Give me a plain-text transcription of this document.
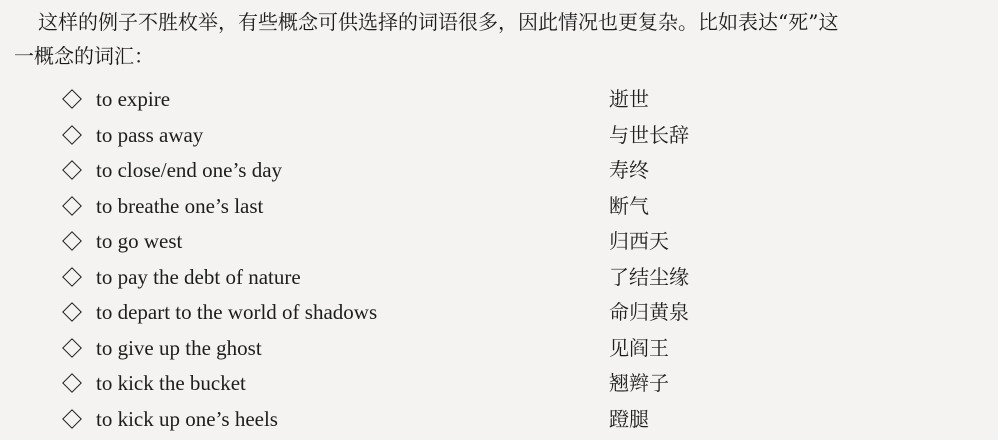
这样的例子不胜枚举，有些概念可供选择的词语很多，因此情况也更复杂。比如表达“死”这
一概念的词汇：
to expire	逝世
to pass away	与世长辞
to close/end one’s day	寿终
to breathe one’s last	断气
to go west	归西天
to pay the debt of nature	了结尘缘
to depart to the world of shadows	命归黄泉
to give up the ghost	见阎王
to kick the bucket	翘辫子
to kick up one’s heels	蹬腿
